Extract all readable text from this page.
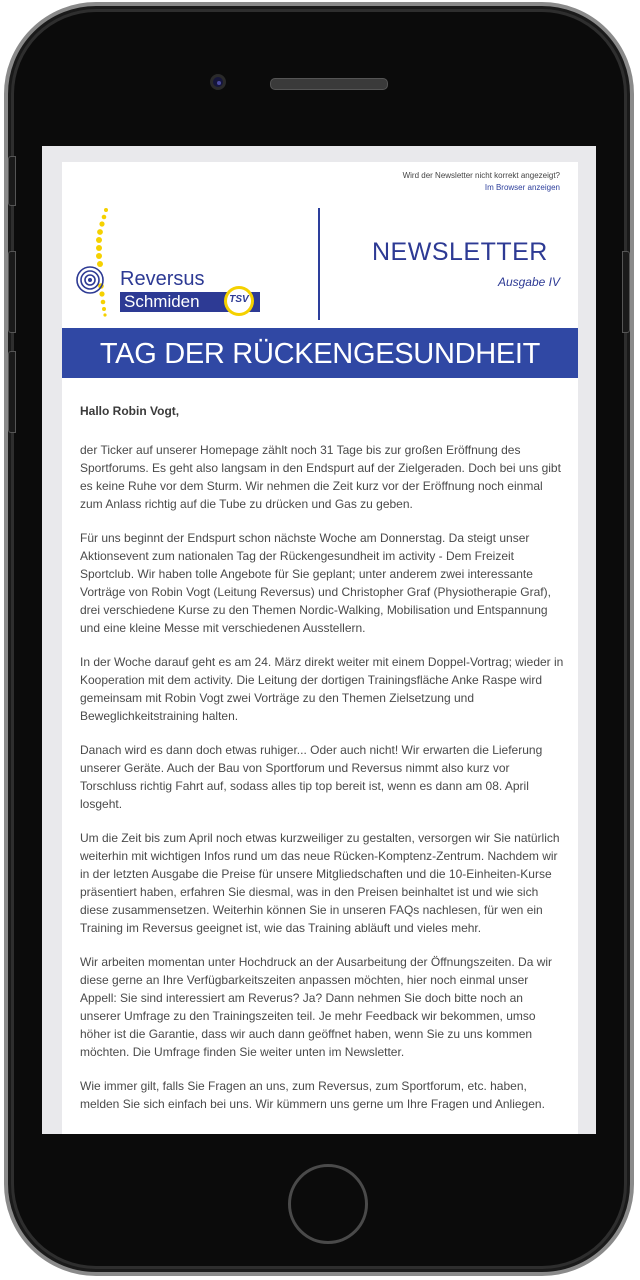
Wird der Newsletter nicht korrekt angezeigt?
Im Browser anzeigen
Reversus
Schmiden	TSV
NEWSLETTER
Ausgabe IV
TAG DER RÜCKENGESUNDHEIT

Hallo Robin Vogt,

der Ticker auf unserer Homepage zählt noch 31 Tage bis zur großen Eröffnung des Sportforums. Es geht also langsam in den Endspurt auf der Zielgeraden. Doch bei uns gibt es keine Ruhe vor dem Sturm. Wir nehmen die Zeit kurz vor der Eröffnung noch einmal zum Anlass richtig auf die Tube zu drücken und Gas zu geben.

Für uns beginnt der Endspurt schon nächste Woche am Donnerstag. Da steigt unser Aktionsevent zum nationalen Tag der Rückengesundheit im activity - Dem Freizeit Sportclub. Wir haben tolle Angebote für Sie geplant; unter anderem zwei interessante Vorträge von Robin Vogt (Leitung Reversus) und Christopher Graf (Physiotherapie Graf), drei verschiedene Kurse zu den Themen Nordic-Walking, Mobilisation und Entspannung und eine kleine Messe mit verschiedenen Ausstellern.

In der Woche darauf geht es am 24. März direkt weiter mit einem Doppel-Vortrag; wieder in Kooperation mit dem activity. Die Leitung der dortigen Trainingsfläche Anke Raspe wird gemeinsam mit Robin Vogt zwei Vorträge zu den Themen Zielsetzung und Beweglichkeitstraining halten.

Danach wird es dann doch etwas ruhiger... Oder auch nicht! Wir erwarten die Lieferung unserer Geräte. Auch der Bau von Sportforum und Reversus nimmt also kurz vor Torschluss richtig Fahrt auf, sodass alles tip top bereit ist, wenn es dann am 08. April losgeht.

Um die Zeit bis zum April noch etwas kurzweiliger zu gestalten, versorgen wir Sie natürlich weiterhin mit wichtigen Infos rund um das neue Rücken-Komptenz-Zentrum. Nachdem wir in der letzten Ausgabe die Preise für unsere Mitgliedschaften und die 10-Einheiten-Kurse präsentiert haben, erfahren Sie diesmal, was in den Preisen beinhaltet ist und wie sich diese zusammensetzen. Weiterhin können Sie in unseren FAQs nachlesen, für wen ein Training im Reversus geeignet ist, wie das Training abläuft und vieles mehr.

Wir arbeiten momentan unter Hochdruck an der Ausarbeitung der Öffnungszeiten. Da wir diese gerne an Ihre Verfügbarkeitszeiten anpassen möchten, hier noch einmal unser Appell: Sie sind interessiert am Reverus? Ja? Dann nehmen Sie doch bitte noch an unserer Umfrage zu den Trainingszeiten teil. Je mehr Feedback wir bekommen, umso höher ist die Garantie, dass wir auch dann geöffnet haben, wenn Sie zu uns kommen möchten. Die Umfrage finden Sie weiter unten im Newsletter.

Wie immer gilt, falls Sie Fragen an uns, zum Reversus, zum Sportforum, etc. haben, melden Sie sich einfach bei uns. Wir kümmern uns gerne um Ihre Fragen und Anliegen.
